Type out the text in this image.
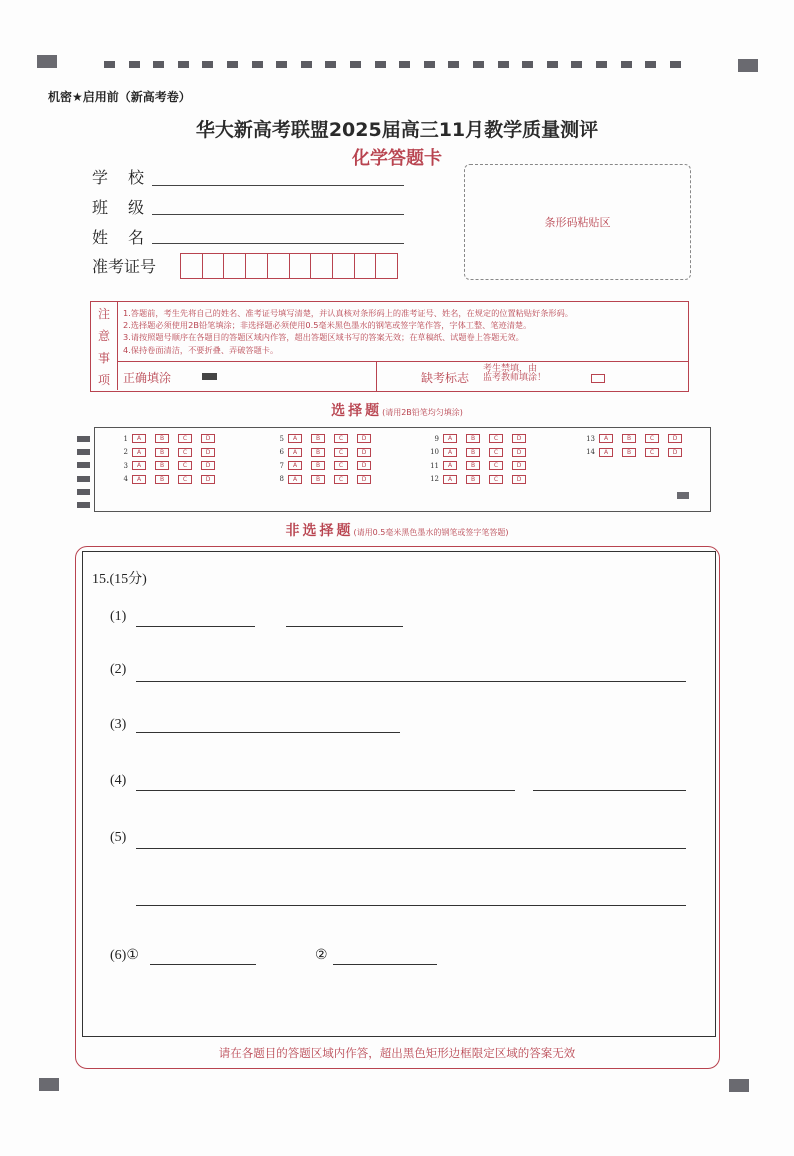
机密★启用前（新高考卷）
华大新高考联盟2025届高三11月教学质量测评
化学答题卡
学　校
班　级
姓　名
准考证号
条形码粘贴区
注
意
事
项
1.答题前，考生先将自己的姓名、准考证号填写清楚，并认真核对条形码上的准考证号、姓名，在规定的位置粘贴好条形码。
2.选择题必须使用2B铅笔填涂；非选择题必须使用0.5毫米黑色墨水的钢笔或签字笔作答，字体工整、笔迹清楚。
3.请按照题号顺序在各题目的答题区域内作答，超出答题区域书写的答案无效；在草稿纸、试题卷上答题无效。
4.保持卷面清洁，不要折叠、弄破答题卡。
正确填涂	缺考标志
考生禁填，由
监考教师填涂！
选择题(请用2B铅笔均匀填涂)
1	A	B	C	D
2	A	B	C	D
3	A	B	C	D
4	A	B	C	D
5	A	B	C	D
6	A	B	C	D
7	A	B	C	D
8	A	B	C	D
9	A	B	C	D
10	A	B	C	D
11	A	B	C	D
12	A	B	C	D
13	A	B	C	D
14	A	B	C	D
非选择题(请用0.5毫米黑色墨水的钢笔或签字笔答题)
15.(15分)
(1)
(2)
(3)
(4)
(5)
(6)①	②
请在各题目的答题区域内作答，超出黑色矩形边框限定区域的答案无效
